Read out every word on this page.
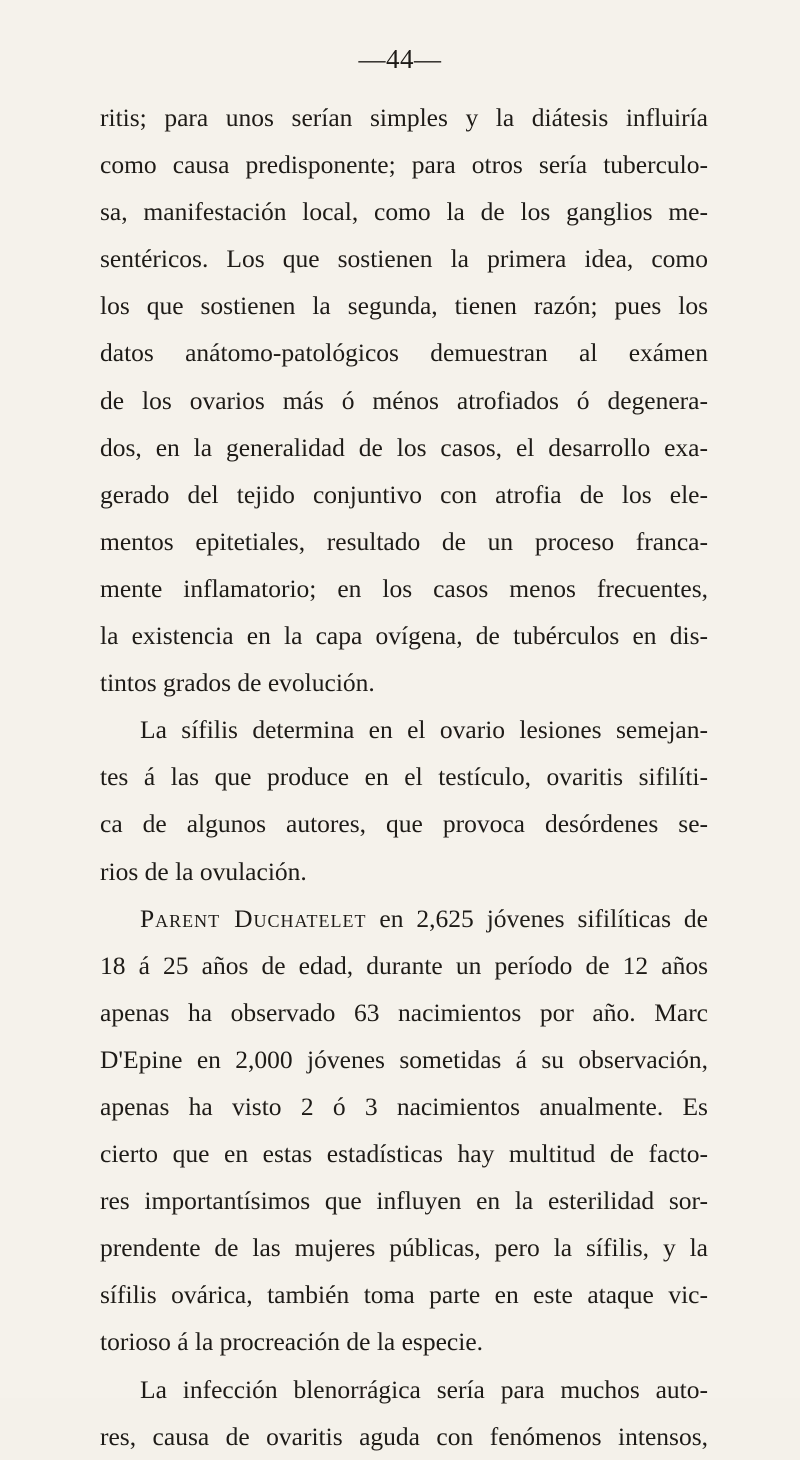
—44—
ritis; para unos serían simples y la diátesis influiría
como causa predisponente; para otros sería tuberculo-
sa, manifestación local, como la de los ganglios me-
sentéricos. Los que sostienen la primera idea, como
los que sostienen la segunda, tienen razón; pues los
datos anátomo-patológicos demuestran al exámen
de los ovarios más ó ménos atrofiados ó degenera-
dos, en la generalidad de los casos, el desarrollo exa-
gerado del tejido conjuntivo con atrofia de los ele-
mentos epitetiales, resultado de un proceso franca-
mente inflamatorio; en los casos menos frecuentes,
la existencia en la capa ovígena, de tubérculos en dis-
tintos grados de evolución.
La sífilis determina en el ovario lesiones semejan-
tes á las que produce en el testículo, ovaritis sifilíti-
ca de algunos autores, que provoca desórdenes se-
rios de la ovulación.
Parent Duchatelet en 2,625 jóvenes sifilíticas de
18 á 25 años de edad, durante un período de 12 años
apenas ha observado 63 nacimientos por año. Marc
D'Epine en 2,000 jóvenes sometidas á su observación,
apenas ha visto 2 ó 3 nacimientos anualmente. Es
cierto que en estas estadísticas hay multitud de facto-
res importantísimos que influyen en la esterilidad sor-
prendente de las mujeres públicas, pero la sífilis, y la
sífilis ovárica, también toma parte en este ataque vic-
torioso á la procreación de la especie.
La infección blenorrágica sería para muchos auto-
res, causa de ovaritis aguda con fenómenos intensos,
